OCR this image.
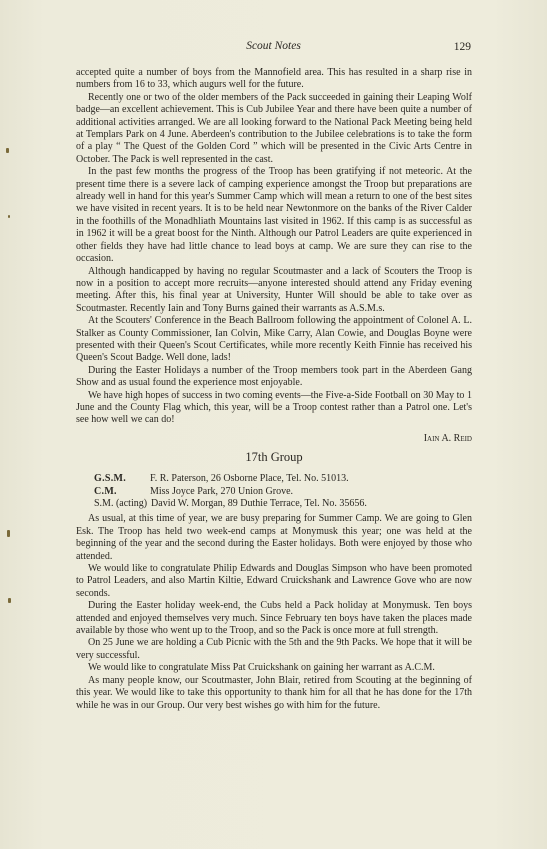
Scout Notes	129

accepted quite a number of boys from the Mannofield area. This has resulted in a sharp rise in numbers from 16 to 33, which augurs well for the future.

Recently one or two of the older members of the Pack succeeded in gaining their Leaping Wolf badge—an excellent achievement. This is Cub Jubilee Year and there have been quite a number of additional activities arranged. We are all looking forward to the National Pack Meeting being held at Templars Park on 4 June. Aberdeen's contribution to the Jubilee celebrations is to take the form of a play “ The Quest of the Golden Cord ” which will be presented in the Civic Arts Centre in October. The Pack is well represented in the cast.

In the past few months the progress of the Troop has been gratifying if not meteoric. At the present time there is a severe lack of camping experience amongst the Troop but preparations are already well in hand for this year's Summer Camp which will mean a return to one of the best sites we have visited in recent years. It is to be held near Newtonmore on the banks of the River Calder in the foothills of the Monadhliath Mountains last visited in 1962. If this camp is as successful as in 1962 it will be a great boost for the Ninth. Although our Patrol Leaders are quite experienced in other fields they have had little chance to lead boys at camp. We are sure they can rise to the occasion.

Although handicapped by having no regular Scoutmaster and a lack of Scouters the Troop is now in a position to accept more recruits—anyone interested should attend any Friday evening meeting. After this, his final year at University, Hunter Will should be able to take over as Scoutmaster. Recently Iain and Tony Burns gained their warrants as A.S.M.s.

At the Scouters' Conference in the Beach Ballroom following the appointment of Colonel A. L. Stalker as County Commissioner, Ian Colvin, Mike Carry, Alan Cowie, and Douglas Boyne were presented with their Queen's Scout Certificates, while more recently Keith Finnie has received his Queen's Scout Badge. Well done, lads!

During the Easter Holidays a number of the Troop members took part in the Aberdeen Gang Show and as usual found the experience most enjoyable.

We have high hopes of success in two coming events—the Five-a-Side Football on 30 May to 1 June and the County Flag which, this year, will be a Troop contest rather than a Patrol one. Let's see how well we can do!

Iain A. Reid
17th Group
G.S.M.	F. R. Paterson, 26 Osborne Place, Tel. No. 51013.
C.M.	Miss Joyce Park, 270 Union Grove.
S.M. (acting) David W. Morgan, 89 Duthie Terrace, Tel. No. 35656.

As usual, at this time of year, we are busy preparing for Summer Camp. We are going to Glen Esk. The Troop has held two week-end camps at Monymusk this year; one was held at the beginning of the year and the second during the Easter holidays. Both were enjoyed by those who attended.

We would like to congratulate Philip Edwards and Douglas Simpson who have been promoted to Patrol Leaders, and also Martin Kiltie, Edward Cruickshank and Lawrence Gove who are now seconds.

During the Easter holiday week-end, the Cubs held a Pack holiday at Monymusk. Ten boys attended and enjoyed themselves very much. Since February ten boys have taken the places made available by those who went up to the Troop, and so the Pack is once more at full strength.

On 25 June we are holding a Cub Picnic with the 5th and the 9th Packs. We hope that it will be very successful.

We would like to congratulate Miss Pat Cruickshank on gaining her warrant as A.C.M.

As many people know, our Scoutmaster, John Blair, retired from Scouting at the beginning of this year. We would like to take this opportunity to thank him for all that he has done for the 17th while he was in our Group. Our very best wishes go with him for the future.
